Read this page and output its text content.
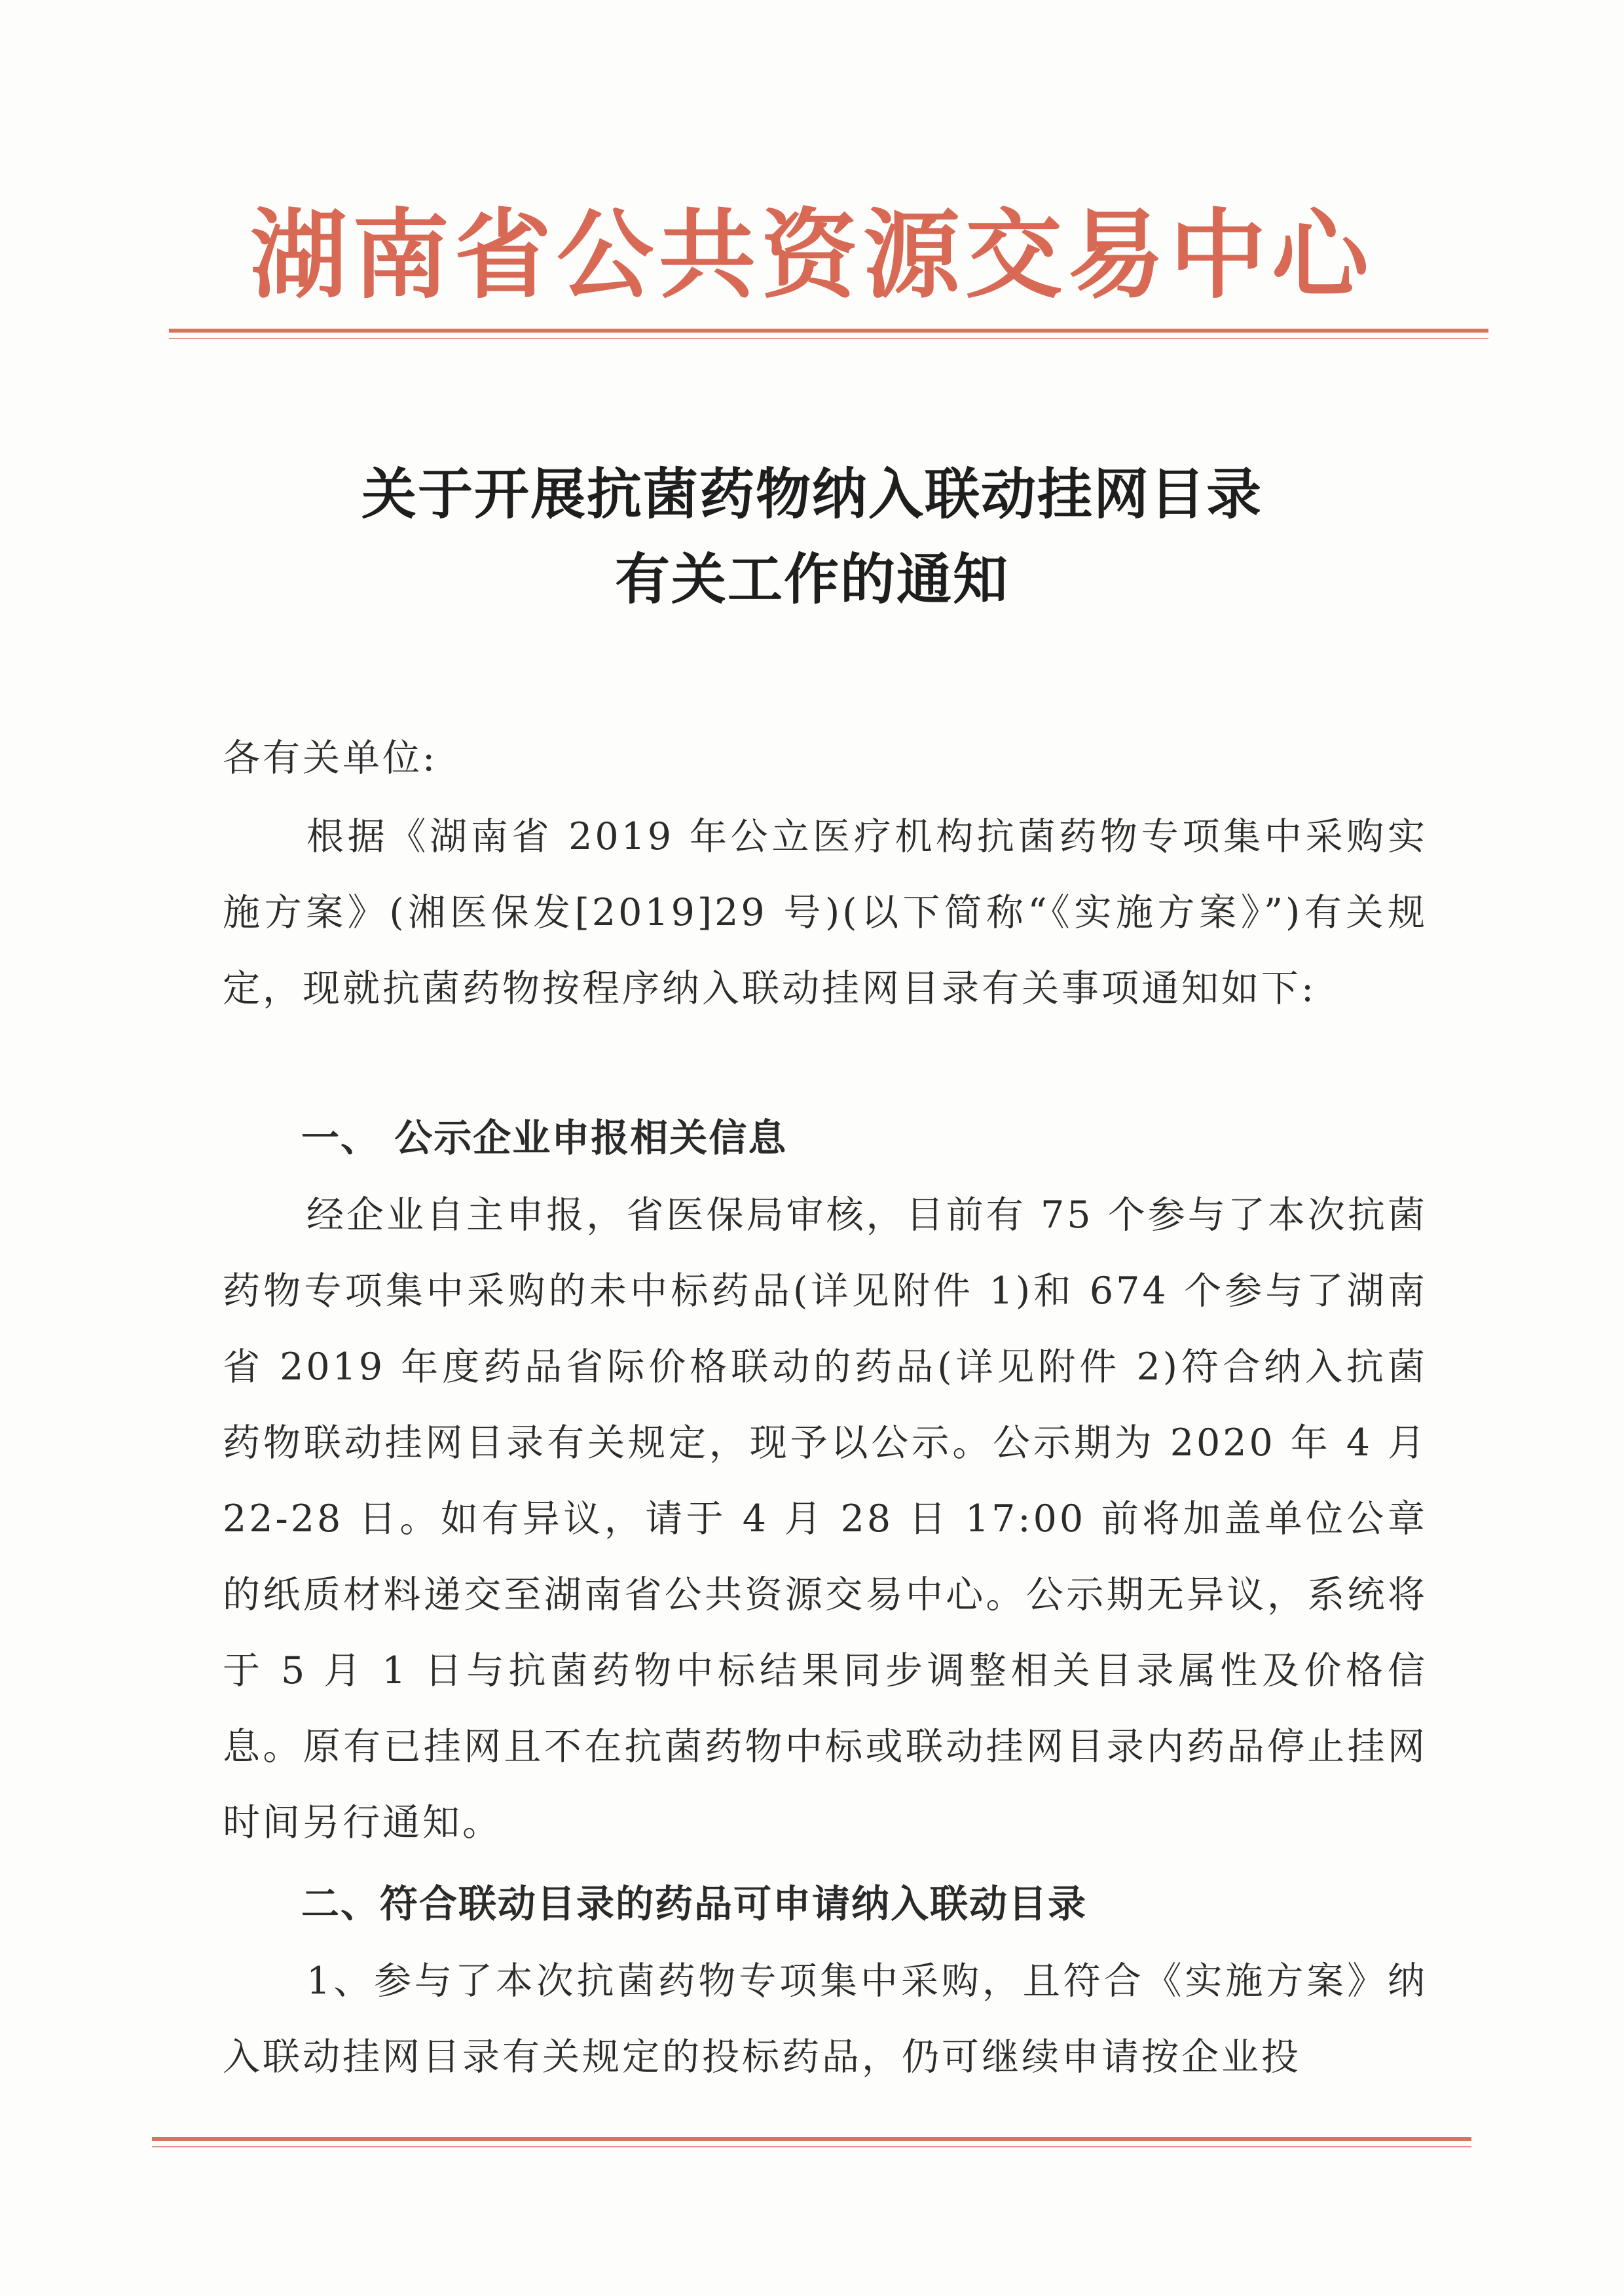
湖南省公共资源交易中心
关于开展抗菌药物纳入联动挂网目录
有关工作的通知
各有关单位:
根据《湖南省 2019 年公立医疗机构抗菌药物专项集中采购实施方案》(湘医保发[2019]29 号)(以下简称“《实施方案》”)有关规定，现就抗菌药物按程序纳入联动挂网目录有关事项通知如下:
一、 公示企业申报相关信息
经企业自主申报，省医保局审核，目前有 75 个参与了本次抗菌药物专项集中采购的未中标药品(详见附件 1)和 674 个参与了湖南省 2019 年度药品省际价格联动的药品(详见附件 2)符合纳入抗菌药物联动挂网目录有关规定，现予以公示。公示期为 2020 年 4 月 22-28 日。如有异议，请于 4 月 28 日 17:00 前将加盖单位公章的纸质材料递交至湖南省公共资源交易中心。公示期无异议，系统将于 5 月 1 日与抗菌药物中标结果同步调整相关目录属性及价格信息。原有已挂网且不在抗菌药物中标或联动挂网目录内药品停止挂网时间另行通知。
二、符合联动目录的药品可申请纳入联动目录
1、参与了本次抗菌药物专项集中采购，且符合《实施方案》纳入联动挂网目录有关规定的投标药品，仍可继续申请按企业投
